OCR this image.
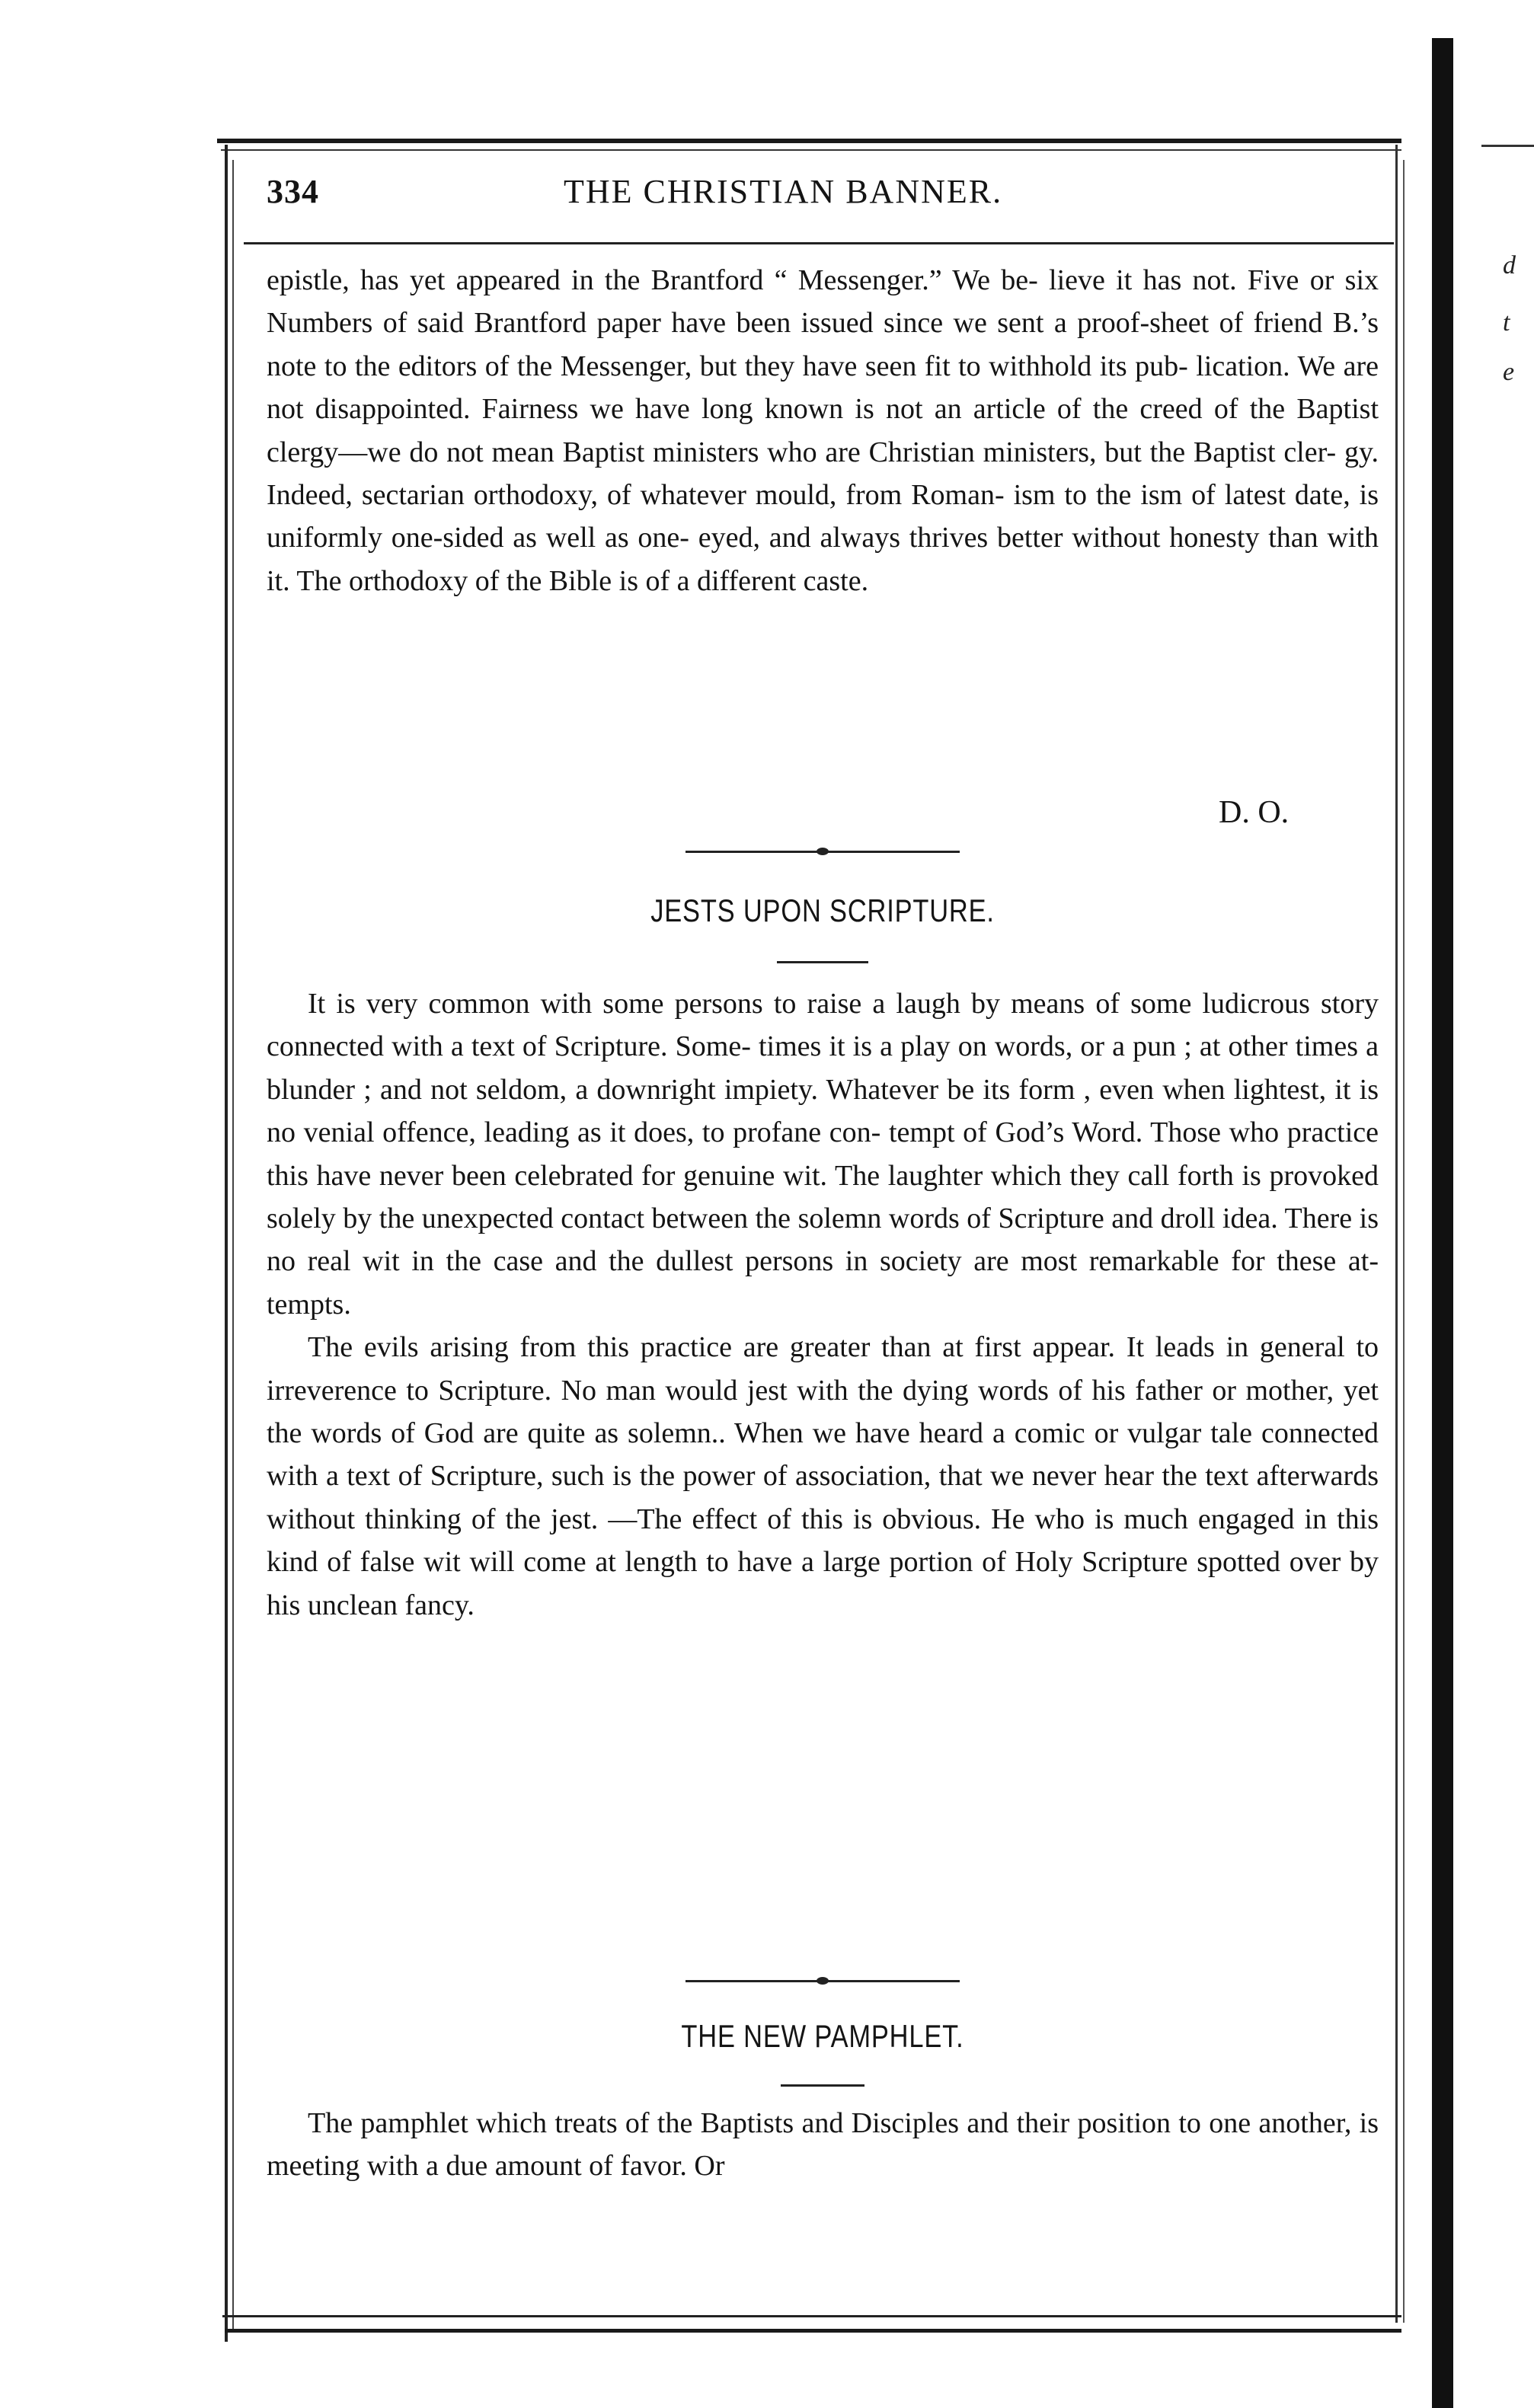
d
t
e
334	THE CHRISTIAN BANNER.

epistle, has yet appeared in the Brantford “ Messenger.” We be- lieve it has not. Five or six Numbers of said Brantford paper have been issued since we sent a proof-sheet of friend B.’s note to the editors of the Messenger, but they have seen fit to withhold its pub- lication. We are not disappointed. Fairness we have long known is not an article of the creed of the Baptist clergy—we do not mean Baptist ministers who are Christian ministers, but the Baptist cler- gy. Indeed, sectarian orthodoxy, of whatever mould, from Roman- ism to the ism of latest date, is uniformly one-sided as well as one- eyed, and always thrives better without honesty than with it. The orthodoxy of the Bible is of a different caste.

D. O.
JESTS UPON SCRIPTURE.

It is very common with some persons to raise a laugh by means of some ludicrous story connected with a text of Scripture. Some- times it is a play on words, or a pun ; at other times a blunder ; and not seldom, a downright impiety. Whatever be its form , even when lightest, it is no venial offence, leading as it does, to profane con- tempt of God’s Word. Those who practice this have never been celebrated for genuine wit. The laughter which they call forth is provoked solely by the unexpected contact between the solemn words of Scripture and droll idea. There is no real wit in the case and the dullest persons in society are most remarkable for these at- tempts.

The evils arising from this practice are greater than at first appear. It leads in general to irreverence to Scripture. No man would jest with the dying words of his father or mother, yet the words of God are quite as solemn.. When we have heard a comic or vulgar tale connected with a text of Scripture, such is the power of association, that we never hear the text afterwards without thinking of the jest. —The effect of this is obvious. He who is much engaged in this kind of false wit will come at length to have a large portion of Holy Scripture spotted over by his unclean fancy.

THE NEW PAMPHLET.

The pamphlet which treats of the Baptists and Disciples and their position to one another, is meeting with a due amount of favor. Or
